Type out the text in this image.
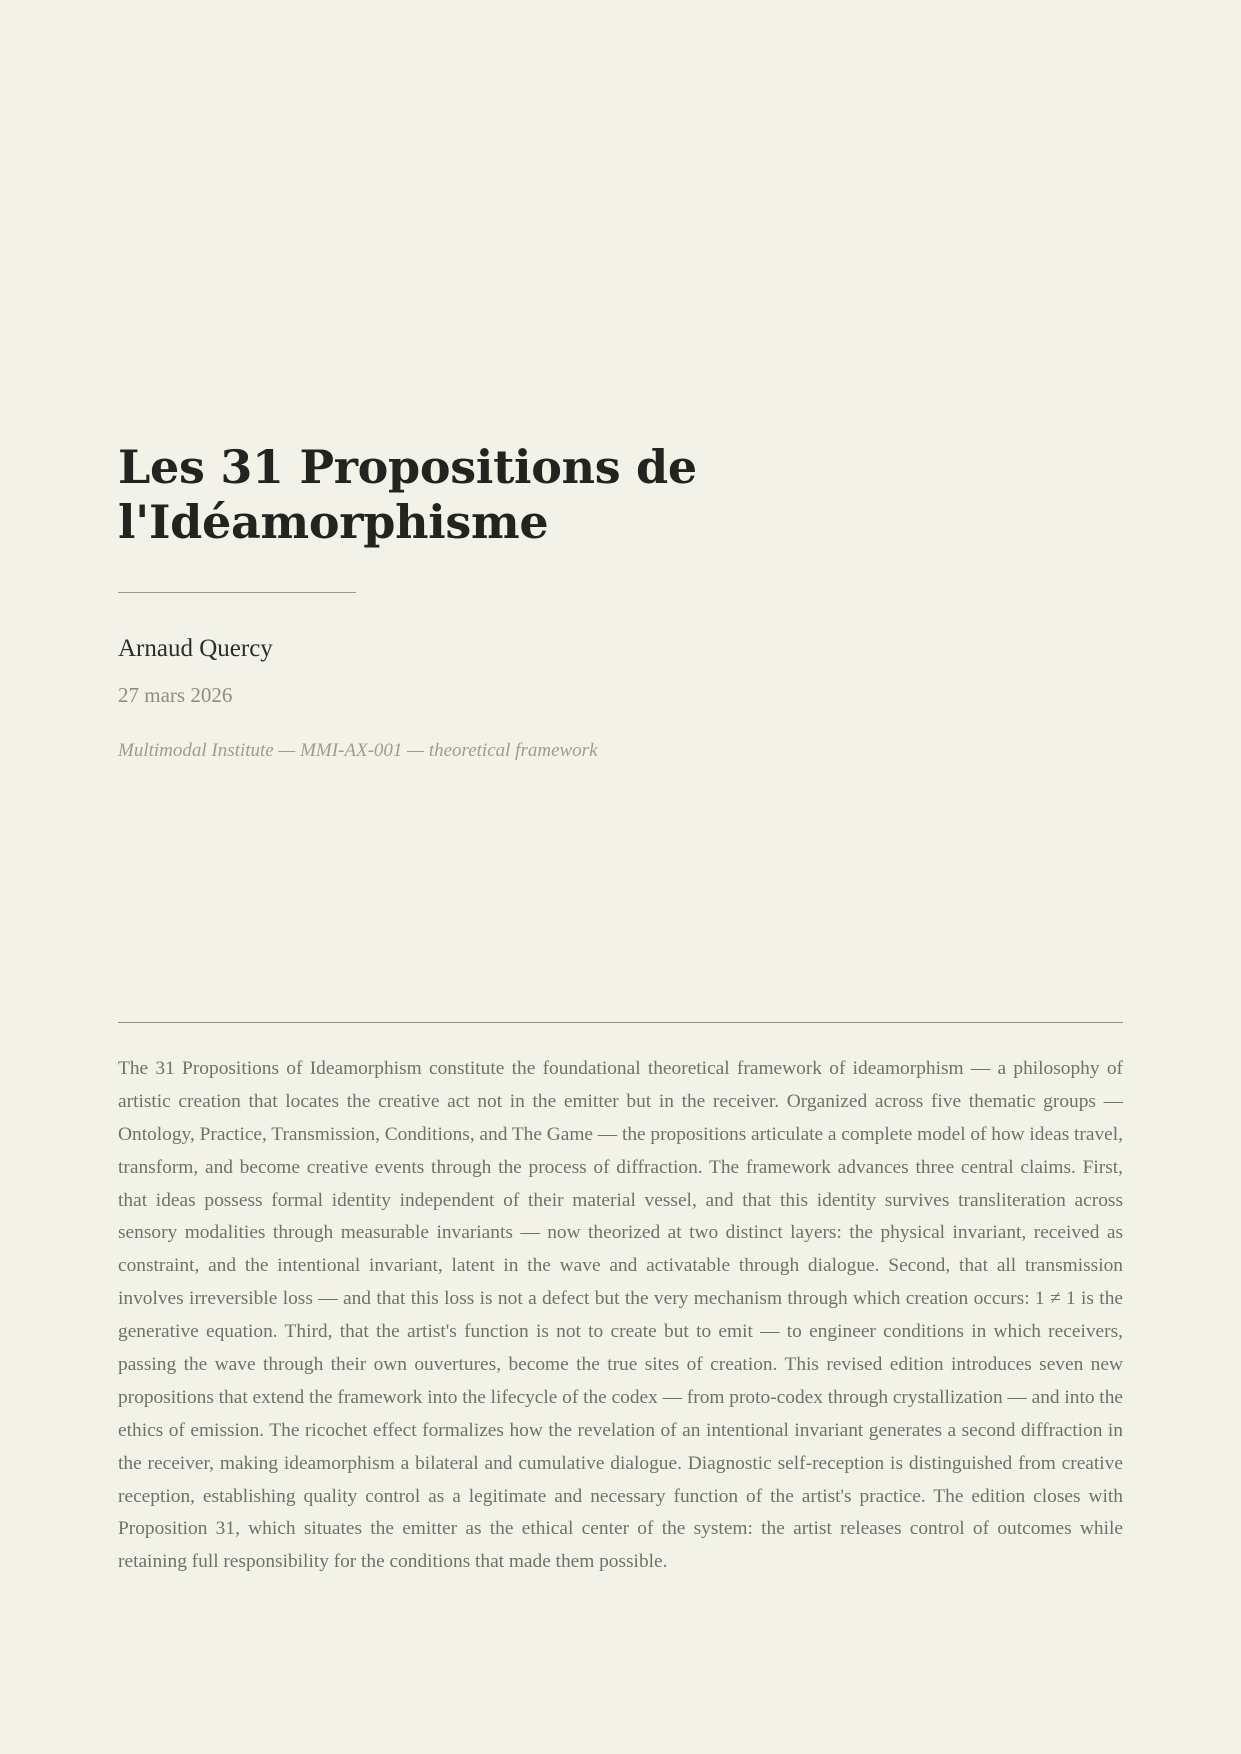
Les 31 Propositions de l'Idéamorphisme

Arnaud Quercy

27 mars 2026

Multimodal Institute — MMI-AX-001 — theoretical framework

The 31 Propositions of Ideamorphism constitute the foundational theoretical framework of ideamorphism — a philosophy of artistic creation that locates the creative act not in the emitter but in the receiver. Organized across five thematic groups — Ontology, Practice, Transmission, Conditions, and The Game — the propositions articulate a complete model of how ideas travel, transform, and become creative events through the process of diffraction. The framework advances three central claims. First, that ideas possess formal identity independent of their material vessel, and that this identity survives transliteration across sensory modalities through measurable invariants — now theorized at two distinct layers: the physical invariant, received as constraint, and the intentional invariant, latent in the wave and activatable through dialogue. Second, that all transmission involves irreversible loss — and that this loss is not a defect but the very mechanism through which creation occurs: 1 ≠ 1 is the generative equation. Third, that the artist's function is not to create but to emit — to engineer conditions in which receivers, passing the wave through their own ouvertures, become the true sites of creation. This revised edition introduces seven new propositions that extend the framework into the lifecycle of the codex — from proto-codex through crystallization — and into the ethics of emission. The ricochet effect formalizes how the revelation of an intentional invariant generates a second diffraction in the receiver, making ideamorphism a bilateral and cumulative dialogue. Diagnostic self-reception is distinguished from creative reception, establishing quality control as a legitimate and necessary function of the artist's practice. The edition closes with Proposition 31, which situates the emitter as the ethical center of the system: the artist releases control of outcomes while retaining full responsibility for the conditions that made them possible.
